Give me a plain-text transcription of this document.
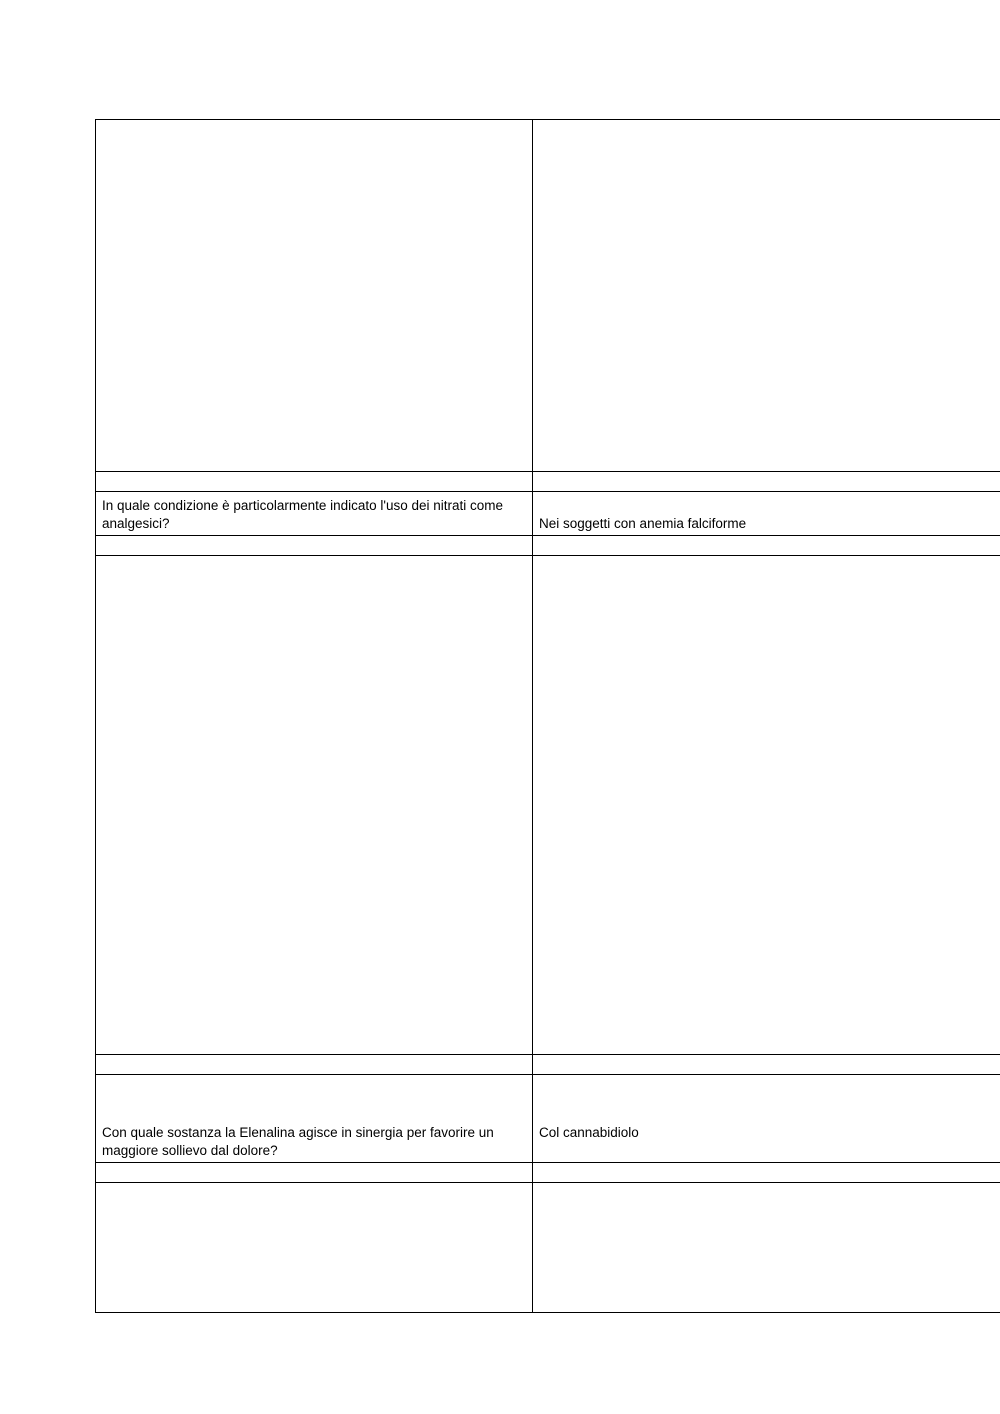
In quale condizione è particolarmente indicato l'uso dei nitrati come analgesici?	Nei soggetti con anemia falciforme

Con quale sostanza la Elenalina agisce in sinergia per favorire un maggiore sollievo dal dolore?	Col cannabidiolo
